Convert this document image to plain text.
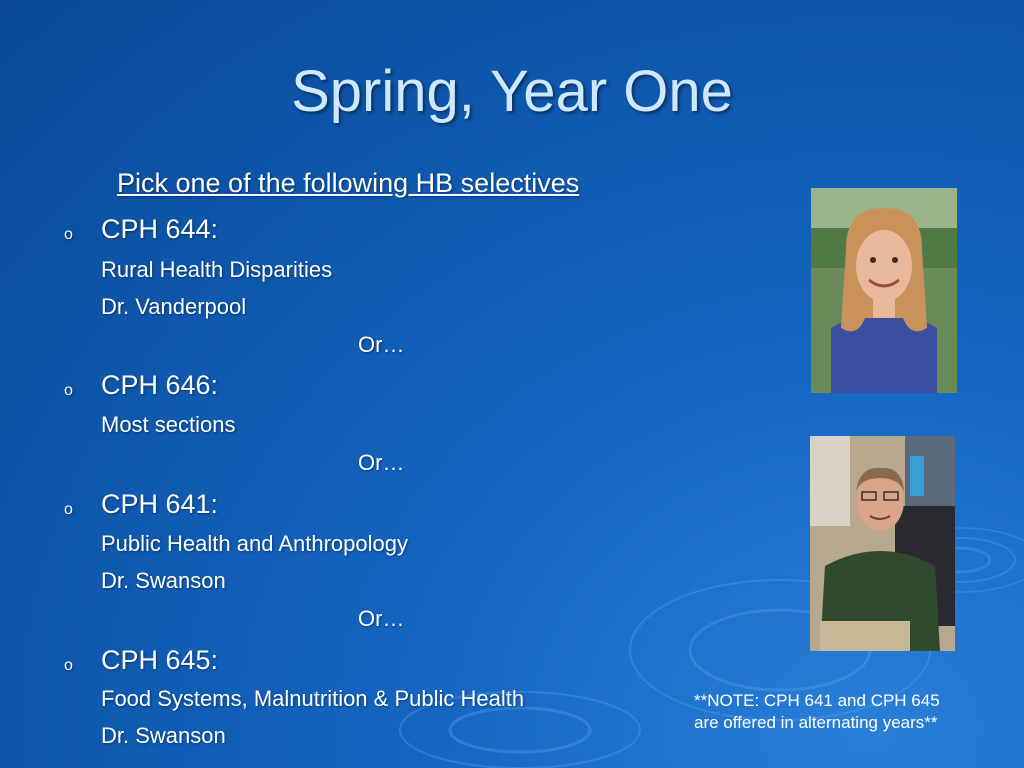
Spring, Year One
Pick one of the following HB selectives
o CPH 644:
Rural Health Disparities
Dr. Vanderpool
Or…
o CPH 646:
Most sections
Or…
o CPH 641:
Public Health and Anthropology
Dr. Swanson
Or…
o CPH 645:
Food Systems, Malnutrition & Public Health
Dr. Swanson
**NOTE: CPH 641 and CPH 645
are offered in alternating years**
